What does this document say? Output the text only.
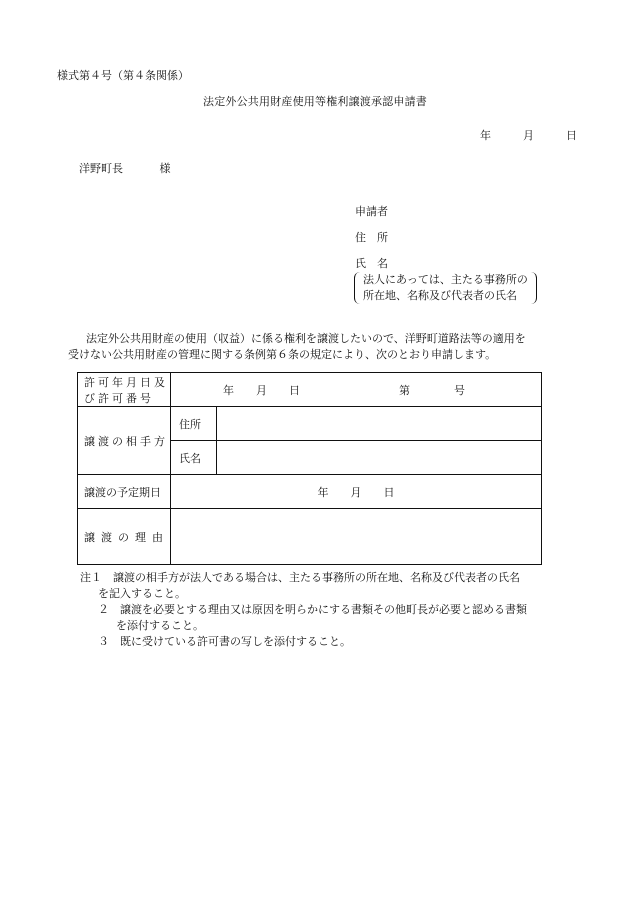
様式第４号（第４条関係）
法定外公共用財産使用等権利譲渡承認申請書
年	月	日
洋野町長	様
申請者
住　所
氏　名
法人にあっては、主たる事務所の
所在地、名称及び代表者の氏名
法定外公共用財産の使用（収益）に係る権利を譲渡したいので、洋野町道路法等の適用を
受けない公共用財産の管理に関する条例第６条の規定により、次のとおり申請します。
許可年月日及
び許可番号	年　　月　　日　　　　　　　　　第　　　　号	
譲渡の相手方	住所	
	氏名	
譲渡の予定期日	年　　月　　日	
譲渡の理由		
注１　譲渡の相手方が法人である場合は、主たる事務所の所在地、名称及び代表者の氏名
を記入すること。
２　譲渡を必要とする理由又は原因を明らかにする書類その他町長が必要と認める書類
を添付すること。
３　既に受けている許可書の写しを添付すること。
